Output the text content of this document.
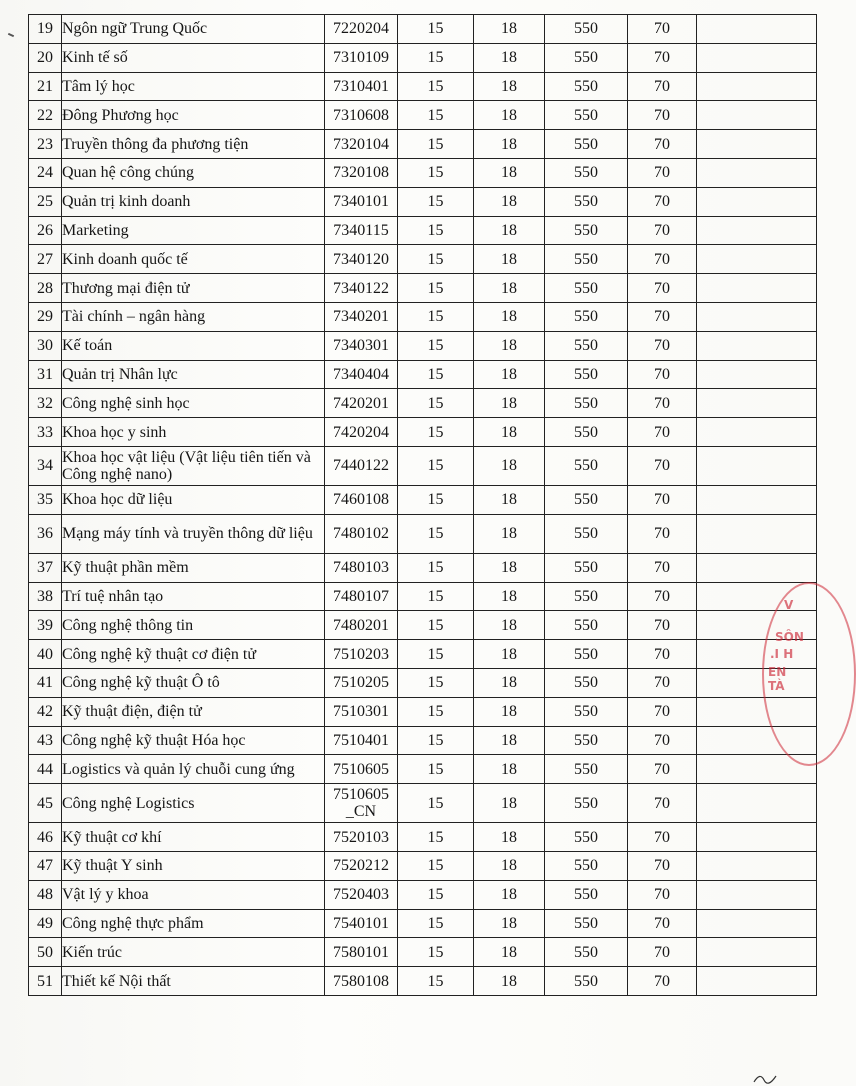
19	Ngôn ngữ Trung Quốc	7220204	15	18	550	70	
20	Kinh tế số	7310109	15	18	550	70	
21	Tâm lý học	7310401	15	18	550	70	
22	Đông Phương học	7310608	15	18	550	70	
23	Truyền thông đa phương tiện	7320104	15	18	550	70	
24	Quan hệ công chúng	7320108	15	18	550	70	
25	Quản trị kinh doanh	7340101	15	18	550	70	
26	Marketing	7340115	15	18	550	70	
27	Kinh doanh quốc tế	7340120	15	18	550	70	
28	Thương mại điện tử	7340122	15	18	550	70	
29	Tài chính – ngân hàng	7340201	15	18	550	70	
30	Kế toán	7340301	15	18	550	70	
31	Quản trị Nhân lực	7340404	15	18	550	70	
32	Công nghệ sinh học	7420201	15	18	550	70	
33	Khoa học y sinh	7420204	15	18	550	70	
34	Khoa học vật liệu (Vật liệu tiên tiến và Công nghệ nano)	7440122	15	18	550	70	
35	Khoa học dữ liệu	7460108	15	18	550	70	
36	Mạng máy tính và truyền thông dữ liệu	7480102	15	18	550	70	
37	Kỹ thuật phần mềm	7480103	15	18	550	70	
38	Trí tuệ nhân tạo	7480107	15	18	550	70	
39	Công nghệ thông tin	7480201	15	18	550	70	
40	Công nghệ kỹ thuật cơ điện tử	7510203	15	18	550	70	
41	Công nghệ kỹ thuật Ô tô	7510205	15	18	550	70	
42	Kỹ thuật điện, điện tử	7510301	15	18	550	70	
43	Công nghệ kỹ thuật Hóa học	7510401	15	18	550	70	
44	Logistics và quản lý chuỗi cung ứng	7510605	15	18	550	70	
45	Công nghệ Logistics	7510605 _CN	15	18	550	70	
46	Kỹ thuật cơ khí	7520103	15	18	550	70	
47	Kỹ thuật Y sinh	7520212	15	18	550	70	
48	Vật lý y khoa	7520403	15	18	550	70	
49	Công nghệ thực phẩm	7540101	15	18	550	70	
50	Kiến trúc	7580101	15	18	550	70	
51	Thiết kế Nội thất	7580108	15	18	550	70	
V
SÔN
.I H
EN TÀ
